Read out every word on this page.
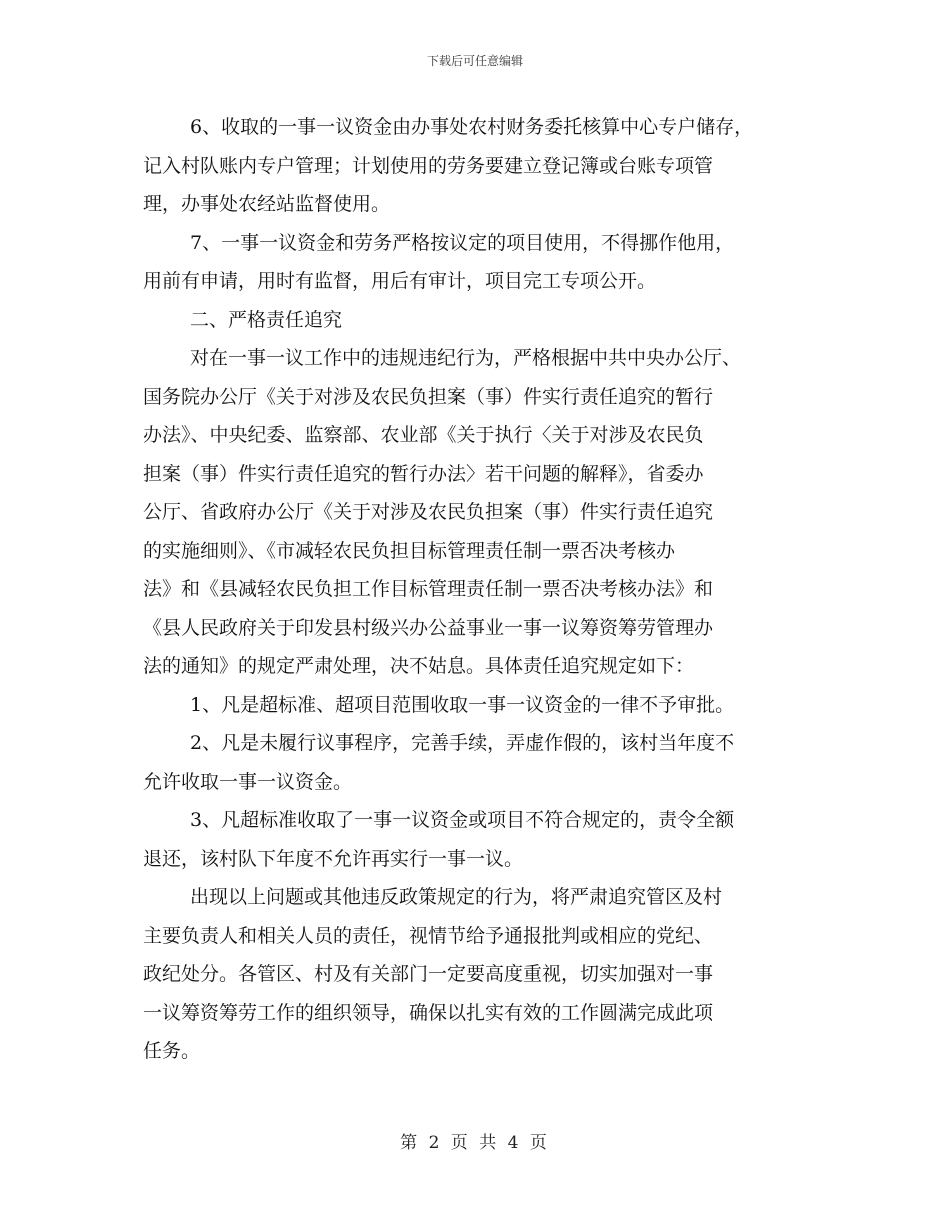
下载后可任意编辑
6、收取的一事一议资金由办事处农村财务委托核算中心专户储存，
记入村队账内专户管理；计划使用的劳务要建立登记簿或台账专项管
理，办事处农经站监督使用。
7、一事一议资金和劳务严格按议定的项目使用，不得挪作他用，
用前有申请，用时有监督，用后有审计，项目完工专项公开。
二、严格责任追究
对在一事一议工作中的违规违纪行为，严格根据中共中央办公厅、
国务院办公厅《关于对涉及农民负担案（事）件实行责任追究的暂行
办法》、中央纪委、监察部、农业部《关于执行〈关于对涉及农民负
担案（事）件实行责任追究的暂行办法〉若干问题的解释》，省委办
公厅、省政府办公厅《关于对涉及农民负担案（事）件实行责任追究
的实施细则》、《市减轻农民负担目标管理责任制一票否决考核办
法》和《县减轻农民负担工作目标管理责任制一票否决考核办法》和
《县人民政府关于印发县村级兴办公益事业一事一议筹资筹劳管理办
法的通知》的规定严肃处理，决不姑息。具体责任追究规定如下：
1、凡是超标准、超项目范围收取一事一议资金的一律不予审批。
2、凡是未履行议事程序，完善手续，弄虚作假的，该村当年度不
允许收取一事一议资金。
3、凡超标准收取了一事一议资金或项目不符合规定的，责令全额
退还，该村队下年度不允许再实行一事一议。
出现以上问题或其他违反政策规定的行为，将严肃追究管区及村
主要负责人和相关人员的责任，视情节给予通报批判或相应的党纪、
政纪处分。各管区、村及有关部门一定要高度重视，切实加强对一事
一议筹资筹劳工作的组织领导，确保以扎实有效的工作圆满完成此项
任务。
第 2 页 共 4 页
